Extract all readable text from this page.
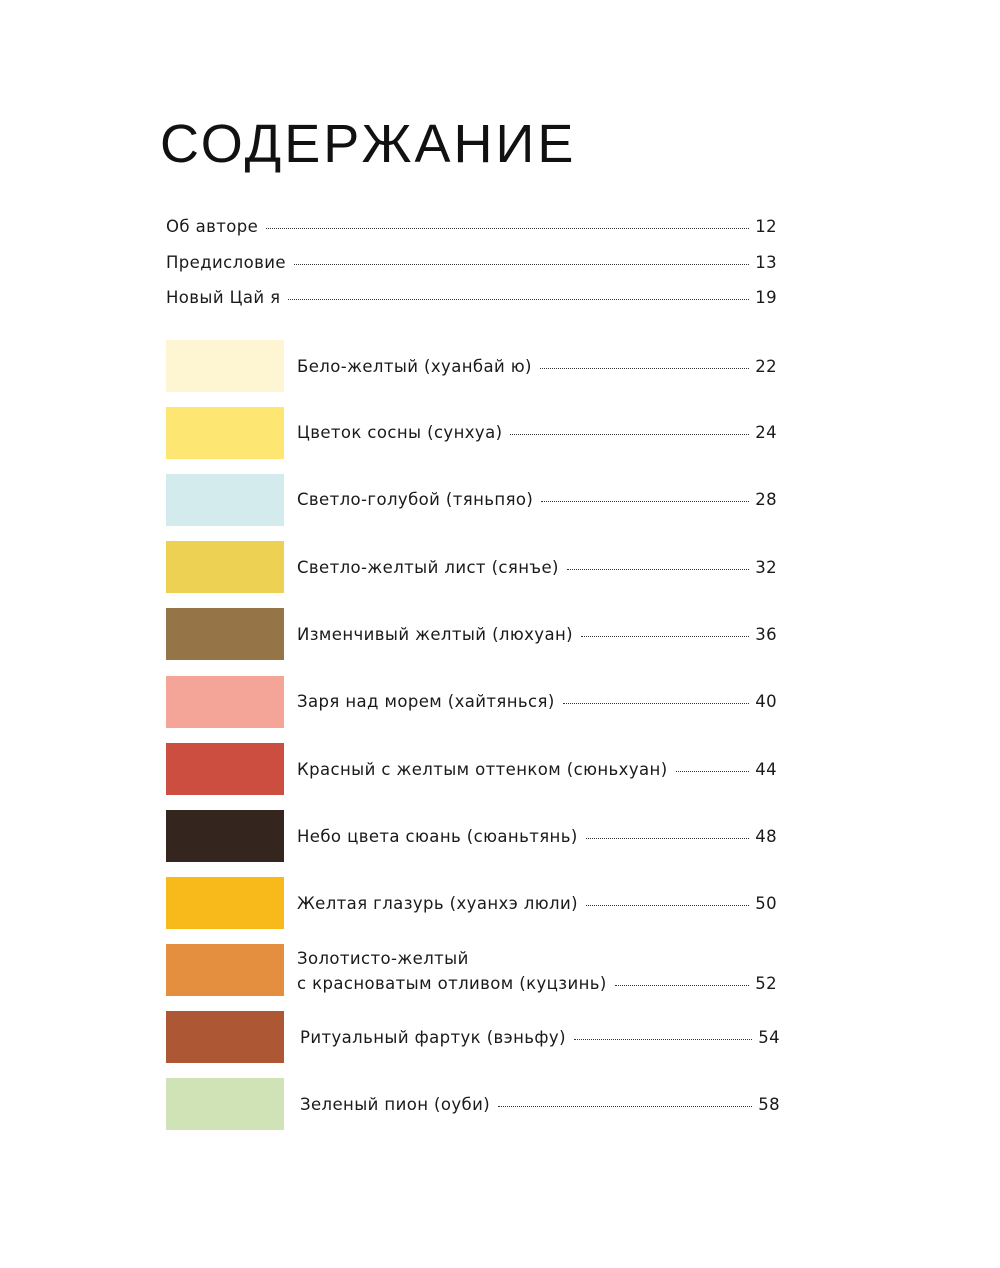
СОДЕРЖАНИЕ
Об авторе	12
Предисловие	13
Новый Цай я	19
Бело-желтый (хуанбай ю)	22
Цветок сосны (сунхуа)	24
Светло-голубой (тяньпяо)	28
Светло-желтый лист (сянъе)	32
Изменчивый желтый (люхуан)	36
Заря над морем (хайтянься)	40
Красный с желтым оттенком (сюньхуан)	44
Небо цвета сюань (сюаньтянь)	48
Желтая глазурь (хуанхэ люли)	50
Золотисто-желтый
с красноватым отливом (куцзинь)	52
Ритуальный фартук (вэньфу)	54
Зеленый пион (оуби)	58
